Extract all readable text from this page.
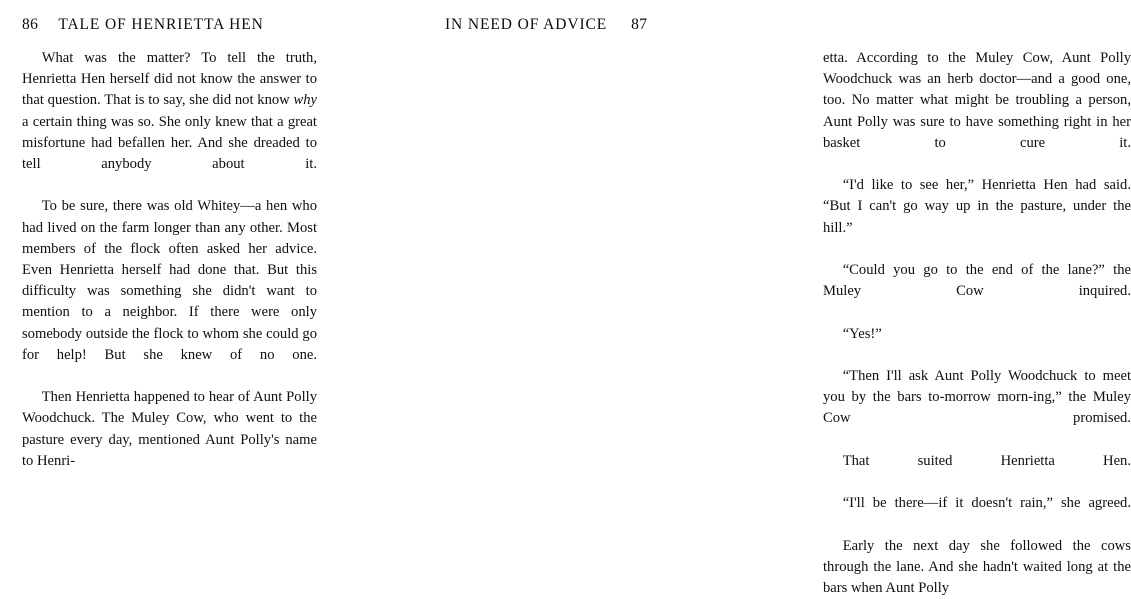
86 TALE OF HENRIETTA HEN

What was the matter? To tell the truth, Henrietta Hen herself did not know the answer to that question. That is to say, she did not know why a certain thing was so. She only knew that a great misfortune had befallen her. And she dreaded to tell anybody about it.

To be sure, there was old Whitey—a hen who had lived on the farm longer than any other. Most members of the flock often asked her advice. Even Henrietta herself had done that. But this difficulty was something she didn't want to mention to a neighbor. If there were only somebody outside the flock to whom she could go for help! But she knew of no one.

Then Henrietta happened to hear of Aunt Polly Woodchuck. The Muley Cow, who went to the pasture every day, mentioned Aunt Polly's name to Henri-

IN NEED OF ADVICE 87

etta. According to the Muley Cow, Aunt Polly Woodchuck was an herb doctor—and a good one, too. No matter what might be troubling a person, Aunt Polly was sure to have something right in her basket to cure it.

“I'd like to see her,” Henrietta Hen had said. “But I can't go way up in the pasture, under the hill.”

“Could you go to the end of the lane?” the Muley Cow inquired.

“Yes!”

“Then I'll ask Aunt Polly Woodchuck to meet you by the bars to-morrow morn-ing,” the Muley Cow promised.

That suited Henrietta Hen.

“I'll be there—if it doesn't rain,” she agreed.

Early the next day she followed the cows through the lane. And she hadn't waited long at the bars when Aunt Polly
